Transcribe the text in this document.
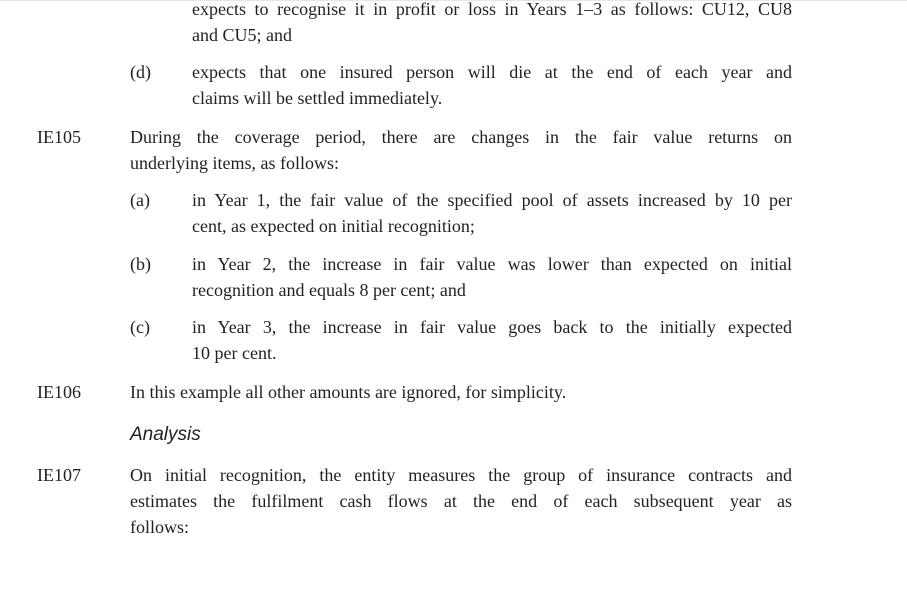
expects to recognise it in profit or loss in Years 1–3 as follows: CU12, CU8
and CU5; and
(d) expects that one insured person will die at the end of each year and
claims will be settled immediately.
IE105	During the coverage period, there are changes in the fair value returns on
underlying items, as follows:
(a) in Year 1, the fair value of the specified pool of assets increased by 10 per
cent, as expected on initial recognition;
(b) in Year 2, the increase in fair value was lower than expected on initial
recognition and equals 8 per cent; and
(c) in Year 3, the increase in fair value goes back to the initially expected
10 per cent.
IE106	In this example all other amounts are ignored, for simplicity.
Analysis
IE107	On initial recognition, the entity measures the group of insurance contracts and
estimates the fulfilment cash flows at the end of each subsequent year as
follows:
